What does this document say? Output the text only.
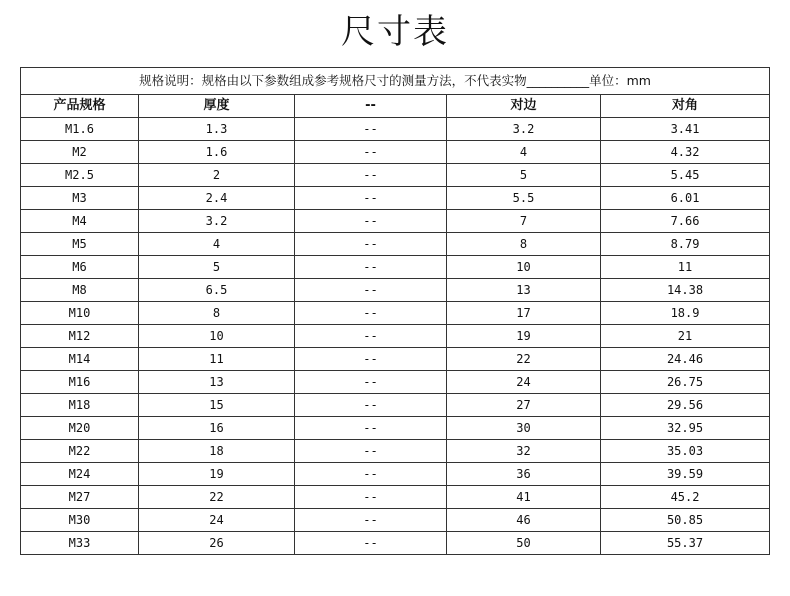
尺寸表
规格说明：规格由以下参数组成参考规格尺寸的测量方法，不代表实物__________单位：mm				
产品规格	厚度	--	对边	对角
M1.6	1.3	--	3.2	3.41
M2	1.6	--	4	4.32
M2.5	2	--	5	5.45
M3	2.4	--	5.5	6.01
M4	3.2	--	7	7.66
M5	4	--	8	8.79
M6	5	--	10	11
M8	6.5	--	13	14.38
M10	8	--	17	18.9
M12	10	--	19	21
M14	11	--	22	24.46
M16	13	--	24	26.75
M18	15	--	27	29.56
M20	16	--	30	32.95
M22	18	--	32	35.03
M24	19	--	36	39.59
M27	22	--	41	45.2
M30	24	--	46	50.85
M33	26	--	50	55.37
